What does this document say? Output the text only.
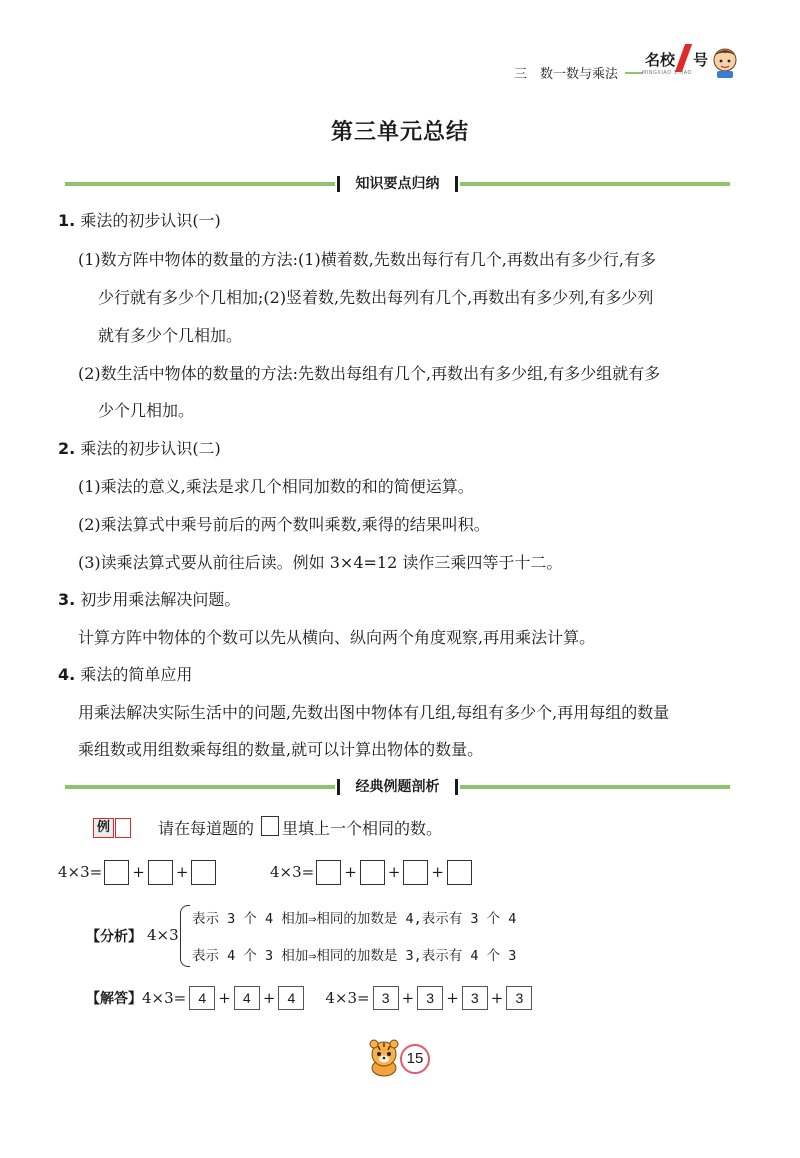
三　数一数与乘法
名校 号
MINGXIAO 1 HAO
第三单元总结
知识要点归纳
1. 乘法的初步认识(一)
(1)数方阵中物体的数量的方法:(1)横着数,先数出每行有几个,再数出有多少行,有多
少行就有多少个几相加;(2)竖着数,先数出每列有几个,再数出有多少列,有多少列
就有多少个几相加。
(2)数生活中物体的数量的方法:先数出每组有几个,再数出有多少组,有多少组就有多
少个几相加。
2. 乘法的初步认识(二)
(1)乘法的意义,乘法是求几个相同加数的和的简便运算。
(2)乘法算式中乘号前后的两个数叫乘数,乘得的结果叫积。
(3)读乘法算式要从前往后读。例如 3×4=12 读作三乘四等于十二。
3. 初步用乘法解决问题。
计算方阵中物体的个数可以先从横向、纵向两个角度观察,再用乘法计算。
4. 乘法的简单应用
用乘法解决实际生活中的问题,先数出图中物体有几组,每组有多少个,再用每组的数量
乘组数或用组数乘每组的数量,就可以计算出物体的数量。
经典例题剖析
例	请在每道题的 里填上一个相同的数。
4×3= + +	4×3= + + +
【分析】 4×3
表示 3 个 4 相加⇒相同的加数是 4,表示有 3 个 4
表示 4 个 3 相加⇒相同的加数是 3,表示有 4 个 3
【解答】 4×3= 4 + 4 + 4	4×3= 3 + 3 + 3 + 3
15
